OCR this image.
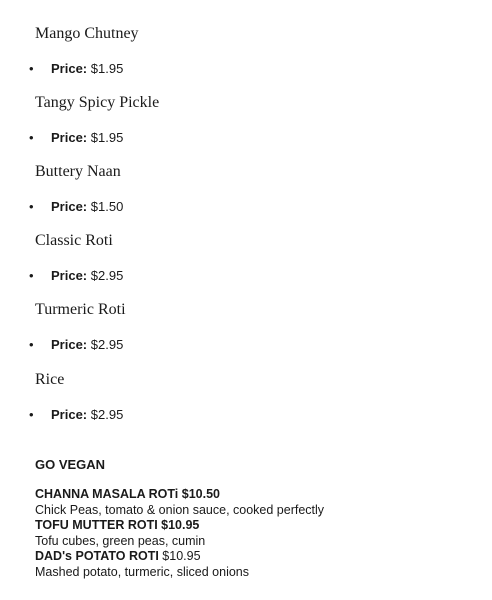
Mango Chutney
• Price: $1.95
Tangy Spicy Pickle
• Price: $1.95
Buttery Naan
• Price: $1.50
Classic Roti
• Price: $2.95
Turmeric Roti
• Price: $2.95
Rice
• Price: $2.95
GO VEGAN
CHANNA MASALA ROTi $10.50
Chick Peas, tomato & onion sauce, cooked perfectly
TOFU MUTTER ROTI $10.95
Tofu cubes, green peas, cumin
DAD's POTATO ROTI $10.95
Mashed potato, turmeric, sliced onions
